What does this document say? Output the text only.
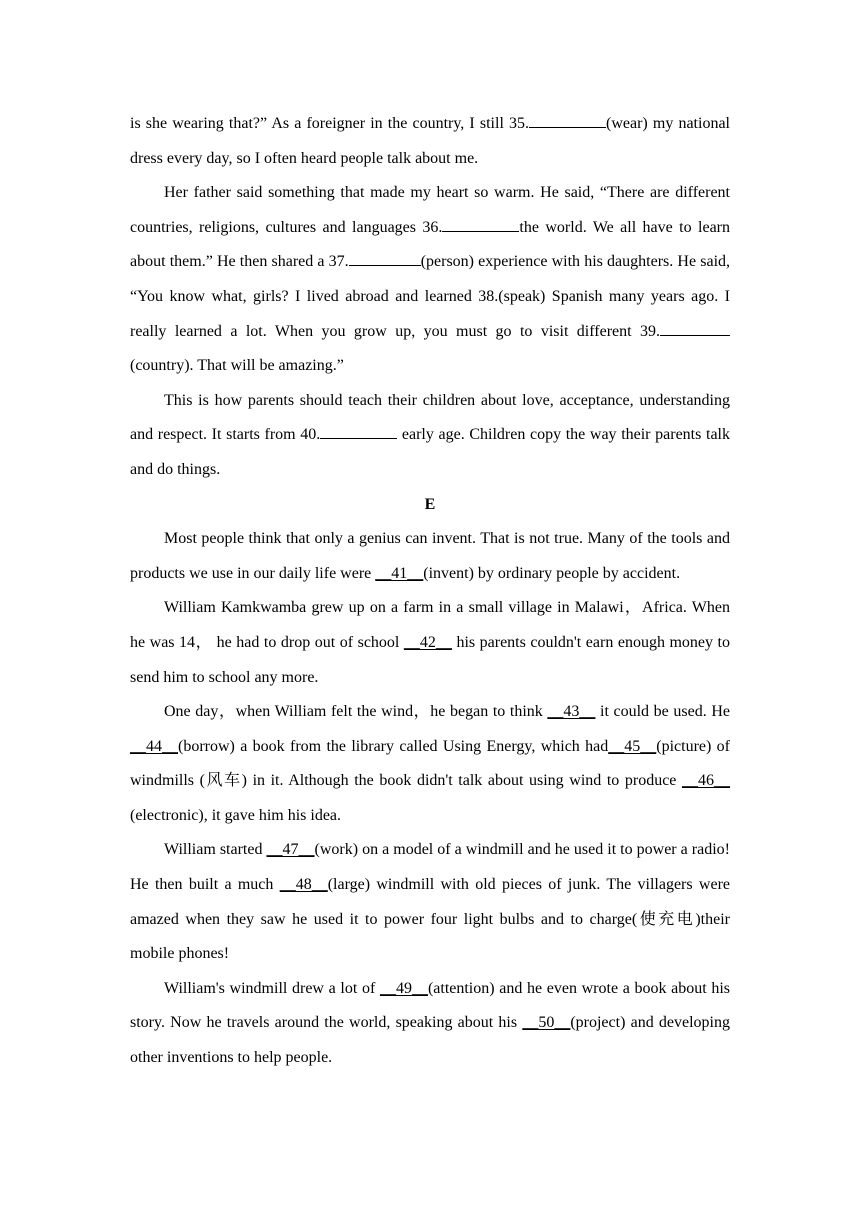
is she wearing that?” As a foreigner in the country, I still 35.	(wear) my national dress every day, so I often heard people talk about me.

Her father said something that made my heart so warm. He said, “There are different countries, religions, cultures and languages 36.	the world. We all have to learn about them.” He then shared a 37.	(person) experience with his daughters. He said, “You know what, girls? I lived abroad and learned 38.(speak) Spanish many years ago. I really learned a lot. When you grow up, you must go to visit different 39.(country). That will be amazing.”

This is how parents should teach their children about love, acceptance, understanding and respect. It starts from 40.	early age. Children copy the way their parents talk and do things.

E

Most people think that only a genius can invent. That is not true. Many of the tools and products we use in our daily life were __41__(invent) by ordinary people by accident.

William Kamkwamba grew up on a farm in a small village in Malawi，Africa. When he was 14， he had to drop out of school __42__ his parents couldn't earn enough money to send him to school any more.

One day，when William felt the wind，he began to think __43__ it could be used. He __44__(borrow) a book from the library called Using Energy, which had__45__(picture) of windmills (风车) in it. Although the book didn't talk about using wind to produce __46__ (electronic), it gave him his idea.

William started __47__(work) on a model of a windmill and he used it to power a radio! He then built a much __48__(large) windmill with old pieces of junk. The villagers were amazed when they saw he used it to power four light bulbs and to charge(使充电)their mobile phones!

William's windmill drew a lot of __49__(attention) and he even wrote a book about his story. Now he travels around the world, speaking about his __50__(project) and developing other inventions to help people.
